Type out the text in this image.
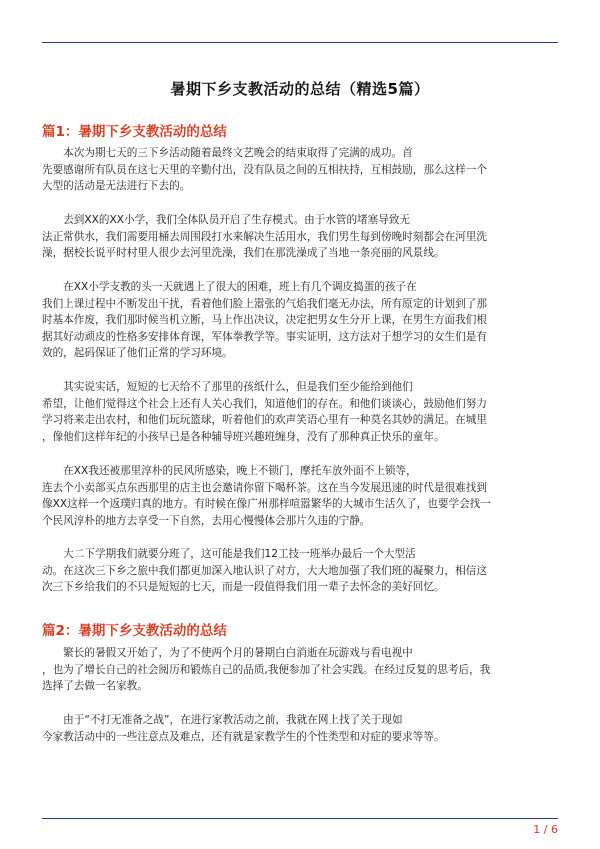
暑期下乡支教活动的总结（精选5篇）
篇1：暑期下乡支教活动的总结
　　本次为期七天的三下乡活动随着最终文艺晚会的结束取得了完满的成功。首
先要感谢所有队员在这七天里的辛勤付出，没有队员之间的互相扶持，互相鼓励，那么这样一个
大型的活动是无法进行下去的。
　　去到XX的XX小学，我们全体队员开启了生存模式。由于水管的堵塞导致无
法正常供水，我们需要用桶去周围段打水来解决生活用水，我们男生每到傍晚时刻都会在河里洗
澡，据校长说平时村里人很少去河里洗澡，我们在那洗澡成了当地一条亮丽的风景线。
　　在XX小学支教的头一天就遇上了很大的困难，班上有几个调皮捣蛋的孩子在
我们上课过程中不断发出干扰，看着他们脸上嚣张的气焰我们毫无办法，所有原定的计划到了那
时基本作废，我们那时候当机立断，马上作出决议，决定把男女生分开上课，在男生方面我们根
据其好动顽皮的性格多安排体育课，军体拳教学等。事实证明，这方法对于想学习的女生们是有
效的，起码保证了他们正常的学习环境。
　　其实说实话，短短的七天给不了那里的孩纸什么，但是我们至少能给到他们
希望，让他们觉得这个社会上还有人关心我们，知道他们的存在。和他们谈谈心，鼓励他们努力
学习将来走出农村，和他们玩玩篮球，听着他们的欢声笑语心里有一种莫名其妙的满足。在城里
，像他们这样年纪的小孩早已是各种辅导班兴趣班缠身，没有了那种真正快乐的童年。
　　在XX我还被那里淳朴的民风所感染，晚上不锁门，摩托车放外面不上锁等，
连去个小卖部买点东西那里的店主也会邀请你留下喝杯茶。这在当今发展迅速的时代是很难找到
像XX这样一个返璞归真的地方。有时候在像广州那样喧嚣繁华的大城市生活久了，也要学会找一
个民风淳朴的地方去享受一下自然，去用心慢慢体会那片久违的宁静。
　　大二下学期我们就要分班了，这可能是我们12工技一班举办最后一个大型活
动。在这次三下乡之旅中我们都更加深入地认识了对方，大大地加强了我们班的凝聚力，相信这
次三下乡给我们的不只是短短的七天，而是一段值得我们用一辈子去怀念的美好回忆。
篇2：暑期下乡支教活动的总结
　　繁长的暑假又开始了，为了不使两个月的暑期白白消逝在玩游戏与看电视中
，也为了增长自己的社会阅历和锻炼自己的品质,我便参加了社会实践。在经过反复的思考后，我
选择了去做一名家教。
　　由于“不打无准备之战”，在进行家教活动之前，我就在网上找了关于现如
今家教活动中的一些注意点及难点，还有就是家教学生的个性类型和对症的要求等等。
1 / 6
